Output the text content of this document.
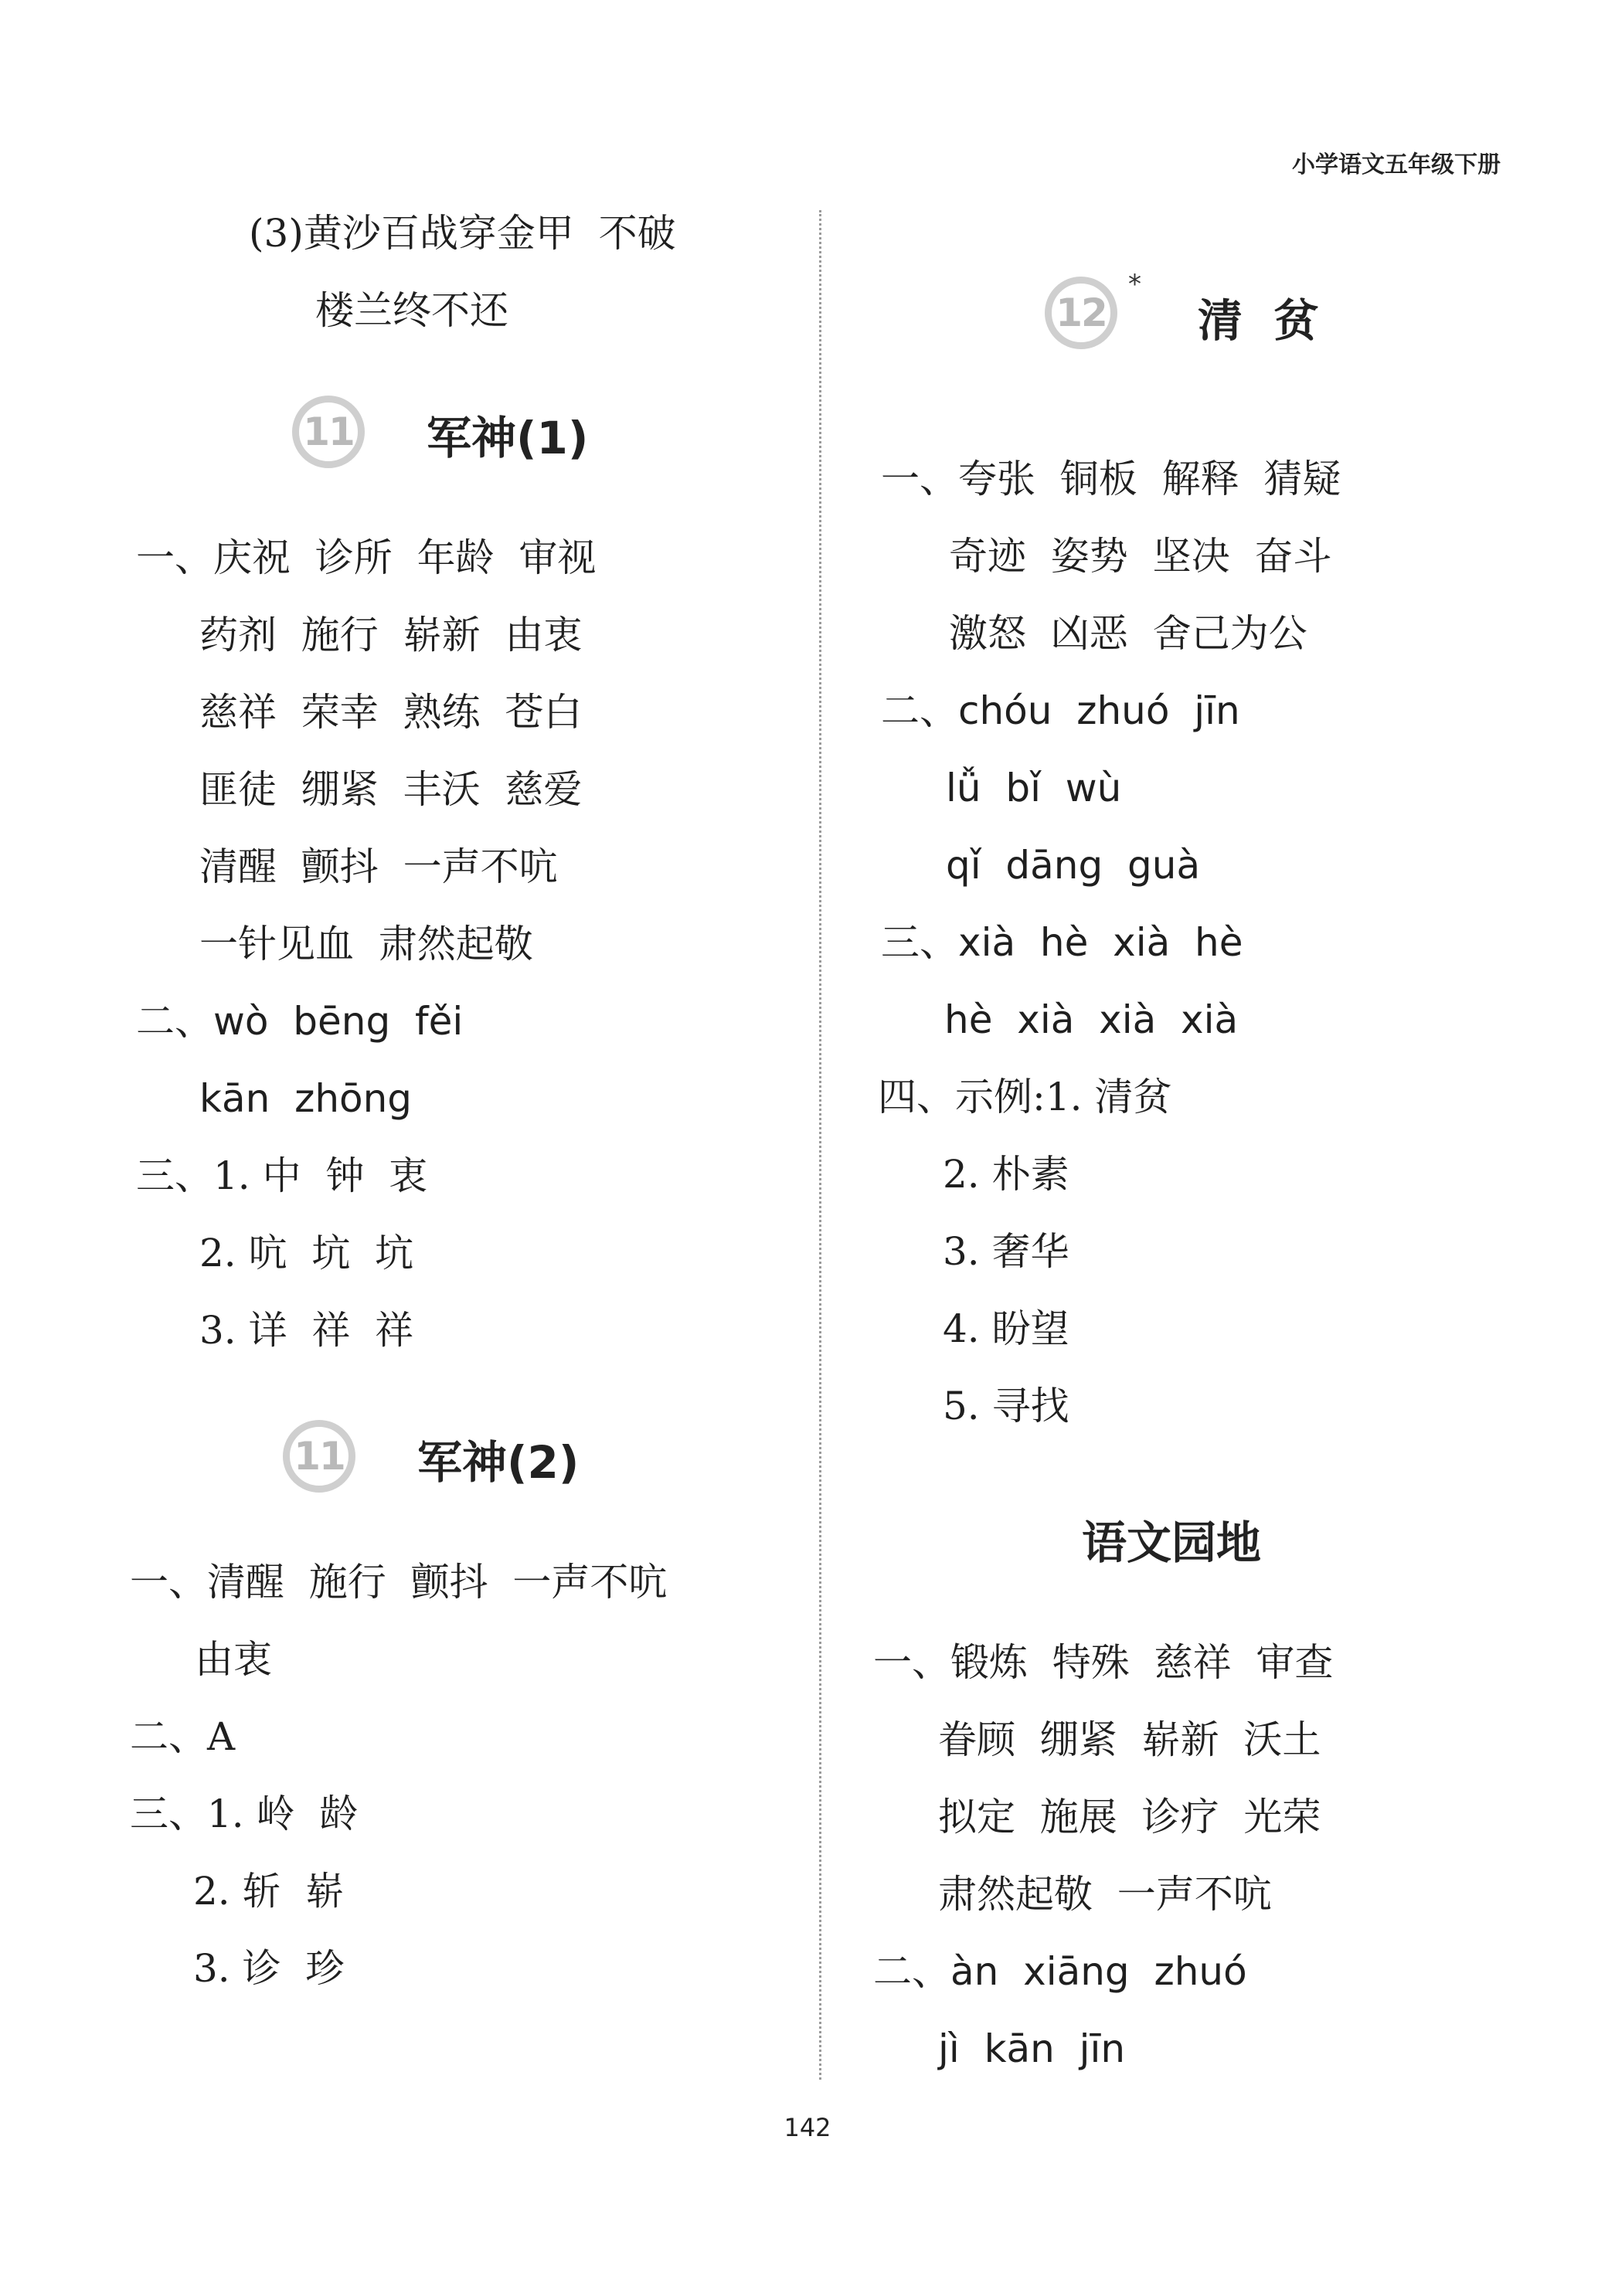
小学语文五年级下册
(3)黄沙百战穿金甲  不破
楼兰终不还
11 军神(1)
一、庆祝  诊所  年龄  审视
药剂  施行  崭新  由衷
慈祥  荣幸  熟练  苍白
匪徒  绷紧  丰沃  慈爱
清醒  颤抖  一声不吭
一针见血  肃然起敬
二、wò  bēng  fěi
kān  zhōng
三、1. 中  钟  衷
2. 吭  坑  坑
3. 详  祥  祥
11 军神(2)
一、清醒  施行  颤抖  一声不吭
由衷
二、A
三、1. 岭  龄
2. 斩  崭
3. 诊  珍
12
*
清  贫
一、夸张  铜板  解释  猜疑
奇迹  姿势  坚决  奋斗
激怒  凶恶  舍己为公
二、chóu  zhuó  jīn
lǚ  bǐ  wù
qǐ  dāng  guà
三、xià  hè  xià  hè
hè  xià  xià  xià
四、示例:1. 清贫
2. 朴素
3. 奢华
4. 盼望
5. 寻找
语文园地
一、锻炼  特殊  慈祥  审查
眷顾  绷紧  崭新  沃土
拟定  施展  诊疗  光荣
肃然起敬  一声不吭
二、àn  xiāng  zhuó
jì  kān  jīn
142
